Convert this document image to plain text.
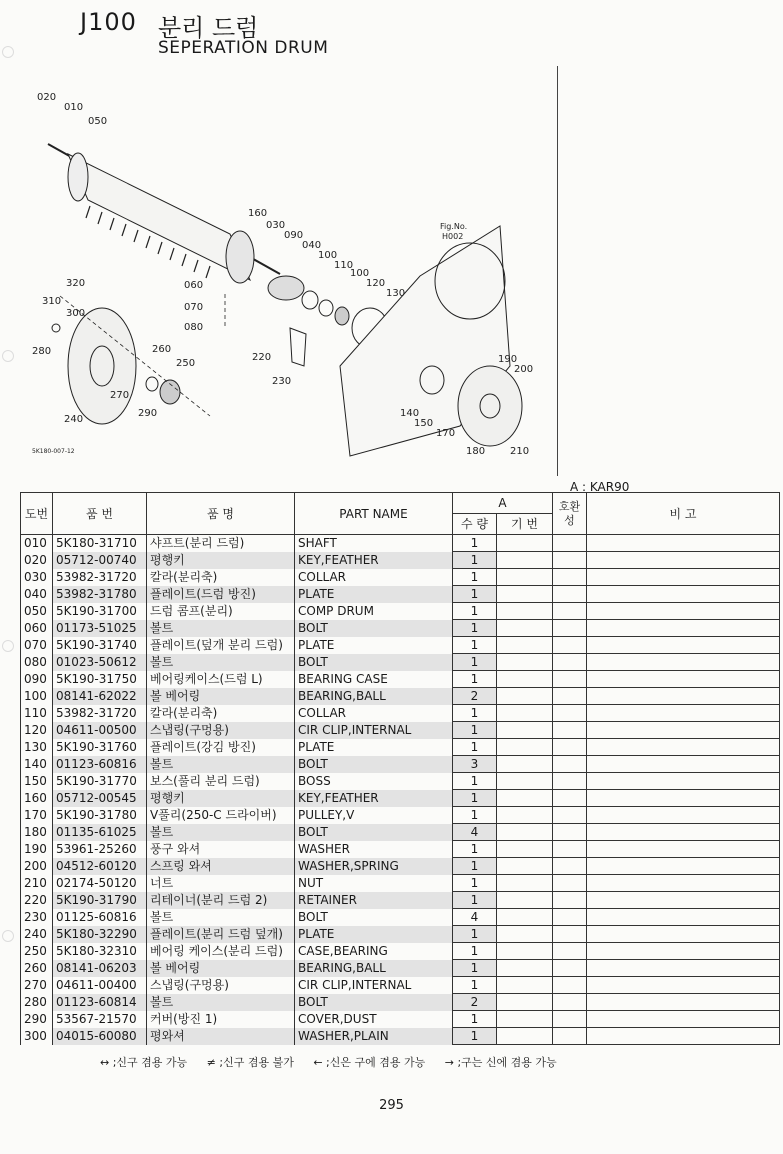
J100 분리 드럼
SEPERATION DRUM
020
010
050
160
030
090
040
100
110
100
120
130
320
310
300
060
070
080
280	260
250
220
230
270
290
240
190
200
140
150
170
180 210
Fig.No.
H002
5K180-007-12
A : KAR90
도번	품 번	품 명	PART NAME	A		호환성	비 고
				수 량	기 번		
010	5K180-31710	샤프트(분리 드럼)	SHAFT	1			
020	05712-00740	평행키	KEY,FEATHER	1			
030	53982-31720	칼라(분리축)	COLLAR	1			
040	53982-31780	플레이트(드럼 방진)	PLATE	1			
050	5K190-31700	드럼 콤프(분리)	COMP DRUM	1			
060	01173-51025	볼트	BOLT	1			
070	5K190-31740	플레이트(덮개 분리 드럼)	PLATE	1			
080	01023-50612	볼트	BOLT	1			
090	5K190-31750	베어링케이스(드럼 L)	BEARING CASE	1			
100	08141-62022	볼 베어링	BEARING,BALL	2			
110	53982-31720	칼라(분리축)	COLLAR	1			
120	04611-00500	스냅링(구멍용)	CIR CLIP,INTERNAL	1			
130	5K190-31760	플레이트(강김 방진)	PLATE	1			
140	01123-60816	볼트	BOLT	3			
150	5K190-31770	보스(풀리 분리 드럼)	BOSS	1			
160	05712-00545	평행키	KEY,FEATHER	1			
170	5K190-31780	V풀리(250-C 드라이버)	PULLEY,V	1			
180	01135-61025	볼트	BOLT	4			
190	53961-25260	풍구 와셔	WASHER	1			
200	04512-60120	스프링 와셔	WASHER,SPRING	1			
210	02174-50120	너트	NUT	1			
220	5K190-31790	리테이너(분리 드럼 2)	RETAINER	1			
230	01125-60816	볼트	BOLT	4			
240	5K180-32290	플레이트(분리 드럼 덮개)	PLATE	1			
250	5K180-32310	베어링 케이스(분리 드럼)	CASE,BEARING	1			
260	08141-06203	볼 베어링	BEARING,BALL	1			
270	04611-00400	스냅링(구멍용)	CIR CLIP,INTERNAL	1			
280	01123-60814	볼트	BOLT	2			
290	53567-21570	커버(방진 1)	COVER,DUST	1			
300	04015-60080	평와셔	WASHER,PLAIN	1			
↔ ;신구 겸용 가능 ≠ ;신구 겸용 불가 ← ;신은 구에 겸용 가능 → ;구는 신에 겸용 가능
295
